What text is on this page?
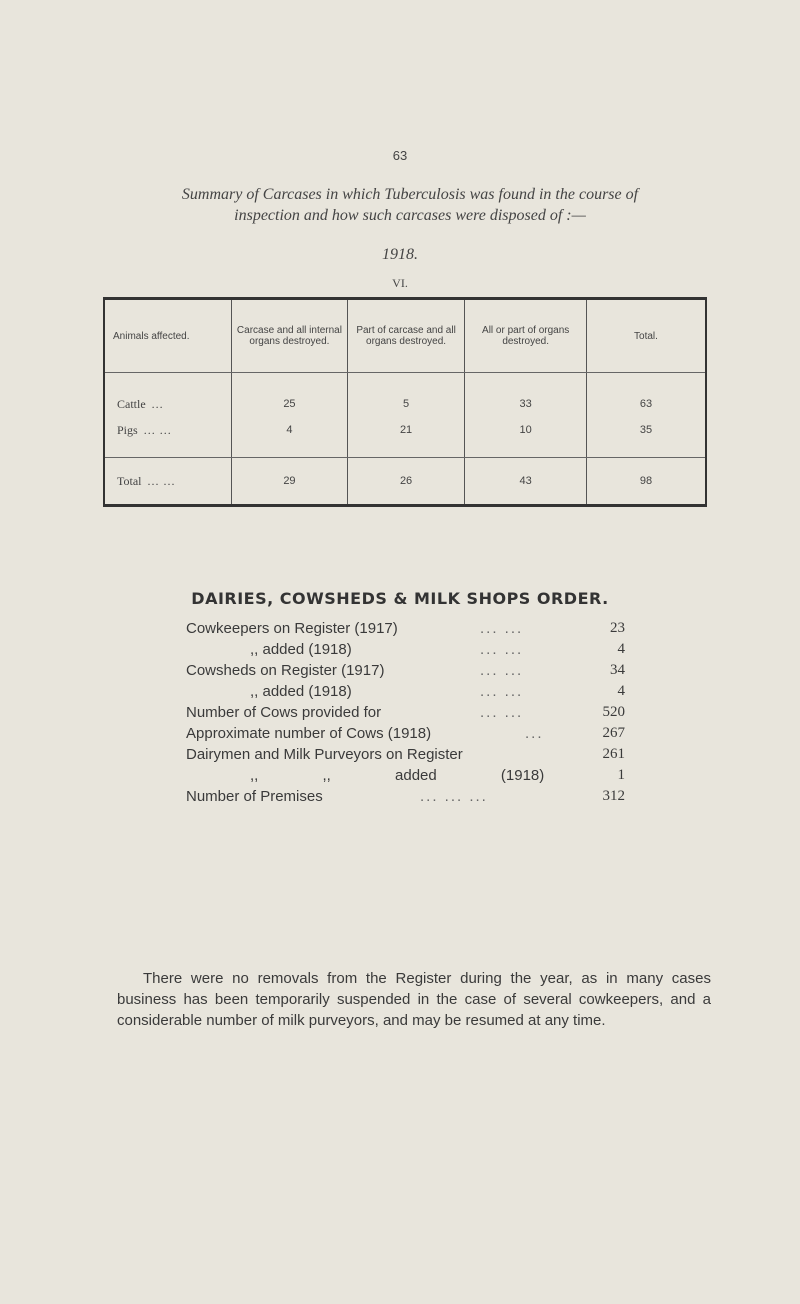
63
Summary of Carcases in which Tuberculosis was found in the course of inspection and how such carcases were disposed of :—
1918.
VI.
Animals affected.	Carcase and all internal organs destroyed.	Part of carcase and all organs destroyed.	All or part of organs destroyed.	Total.

Cattle ...	25	5	33	63
Pigs ... ...	4	21	10	35

Total ... ...	29	26	43	98
DAIRIES, COWSHEDS & MILK SHOPS ORDER.
Cowkeepers on Register (1917)	... ...	23
,, added (1918)	... ...	4
Cowsheds on Register (1917)	... ...	34
,, added (1918)	... ...	4
Number of Cows provided for	... ...	520
Approximate number of Cows (1918)	...	267
Dairymen and Milk Purveyors on Register	261
,, ,, added (1918)	1
Number of Premises	... ... ...	312
There were no removals from the Register during the year, as in many cases business has been temporarily suspended in the case of several cowkeepers, and a considerable number of milk purveyors, and may be resumed at any time.
